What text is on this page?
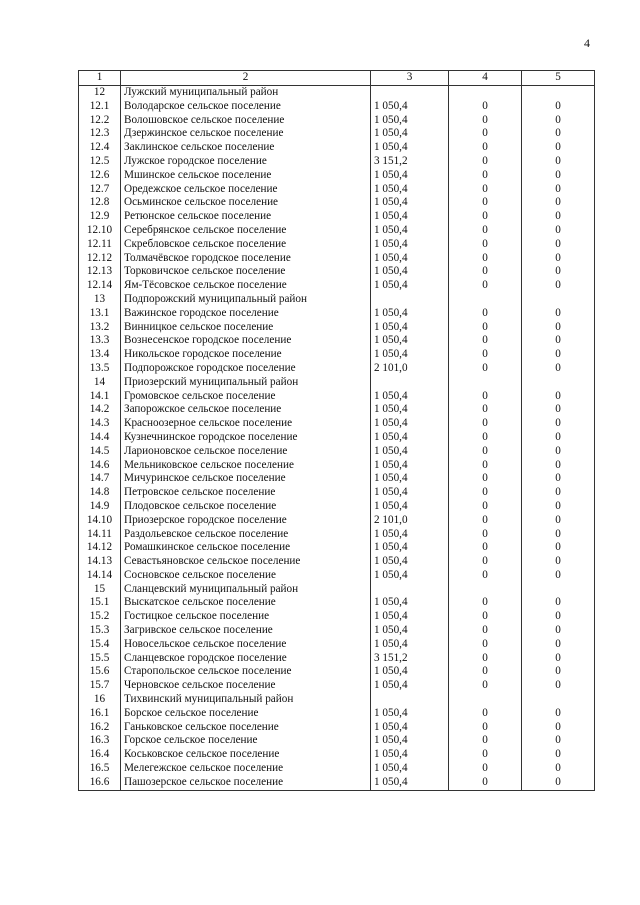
4
1	2	3	4	5
12	Лужский муниципальный район			
12.1	Володарское сельское поселение	1 050,4	0	0
12.2	Волошовское сельское поселение	1 050,4	0	0
12.3	Дзержинское сельское поселение	1 050,4	0	0
12.4	Заклинское сельское поселение	1 050,4	0	0
12.5	Лужское городское поселение	3 151,2	0	0
12.6	Мшинское сельское поселение	1 050,4	0	0
12.7	Оредежское сельское поселение	1 050,4	0	0
12.8	Осьминское сельское поселение	1 050,4	0	0
12.9	Ретюнское сельское поселение	1 050,4	0	0
12.10	Серебрянское сельское поселение	1 050,4	0	0
12.11	Скребловское сельское поселение	1 050,4	0	0
12.12	Толмачёвское городское поселение	1 050,4	0	0
12.13	Торковичское сельское поселение	1 050,4	0	0
12.14	Ям-Тёсовское сельское поселение	1 050,4	0	0
13	Подпорожский муниципальный район			
13.1	Важинское городское поселение	1 050,4	0	0
13.2	Винницкое сельское поселение	1 050,4	0	0
13.3	Вознесенское городское поселение	1 050,4	0	0
13.4	Никольское городское поселение	1 050,4	0	0
13.5	Подпорожское городское поселение	2 101,0	0	0
14	Приозерский муниципальный район			
14.1	Громовское сельское поселение	1 050,4	0	0
14.2	Запорожское сельское поселение	1 050,4	0	0
14.3	Красноозерное сельское поселение	1 050,4	0	0
14.4	Кузнечнинское городское поселение	1 050,4	0	0
14.5	Ларионовское сельское поселение	1 050,4	0	0
14.6	Мельниковское сельское поселение	1 050,4	0	0
14.7	Мичуринское сельское поселение	1 050,4	0	0
14.8	Петровское сельское поселение	1 050,4	0	0
14.9	Плодовское сельское поселение	1 050,4	0	0
14.10	Приозерское городское поселение	2 101,0	0	0
14.11	Раздольевское сельское поселение	1 050,4	0	0
14.12	Ромашкинское сельское поселение	1 050,4	0	0
14.13	Севастьяновское сельское поселение	1 050,4	0	0
14.14	Сосновское сельское поселение	1 050,4	0	0
15	Сланцевский муниципальный район			
15.1	Выскатское сельское поселение	1 050,4	0	0
15.2	Гостицкое сельское поселение	1 050,4	0	0
15.3	Загривское сельское поселение	1 050,4	0	0
15.4	Новосельское сельское поселение	1 050,4	0	0
15.5	Сланцевское городское поселение	3 151,2	0	0
15.6	Старопольское сельское поселение	1 050,4	0	0
15.7	Черновское сельское поселение	1 050,4	0	0
16	Тихвинский муниципальный район			
16.1	Борское сельское поселение	1 050,4	0	0
16.2	Ганьковское сельское поселение	1 050,4	0	0
16.3	Горское сельское поселение	1 050,4	0	0
16.4	Коськовское сельское поселение	1 050,4	0	0
16.5	Мелегежское сельское поселение	1 050,4	0	0
16.6	Пашозерское сельское поселение	1 050,4	0	0
